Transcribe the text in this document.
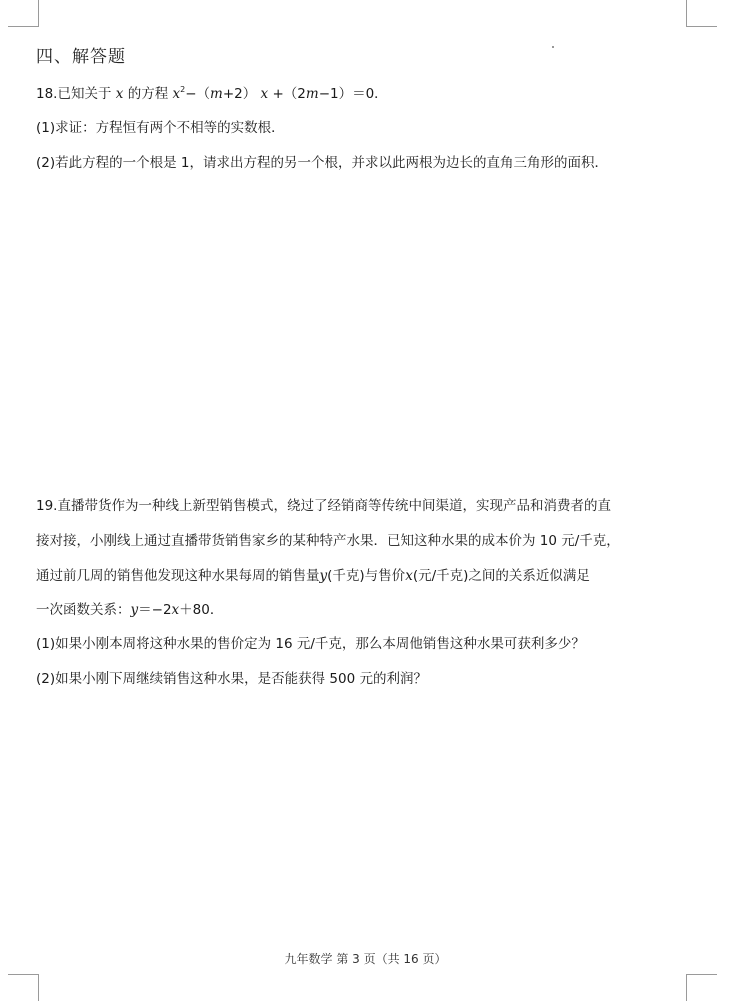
四、解答题
18.已知关于 x 的方程 $x^2-(m+2)$ x +（2m−1）＝0．
(1)求证：方程恒有两个不相等的实数根．
(2)若此方程的一个根是 1，请求出方程的另一个根，并求以此两根为边长的直角三角形的面积．
19.直播带货作为一种线上新型销售模式，绕过了经销商等传统中间渠道，实现产品和消费者的直
接对接，小刚线上通过直播带货销售家乡的某种特产水果．已知这种水果的成本价为 10 元/千克，
通过前几周的销售他发现这种水果每周的销售量y(千克)与售价x(元/千克)之间的关系近似满足
一次函数关系：y＝−2x＋80．
(1)如果小刚本周将这种水果的售价定为 16 元/千克，那么本周他销售这种水果可获利多少？
(2)如果小刚下周继续销售这种水果，是否能获得 500 元的利润？
九年数学 第 3 页（共 16 页）
